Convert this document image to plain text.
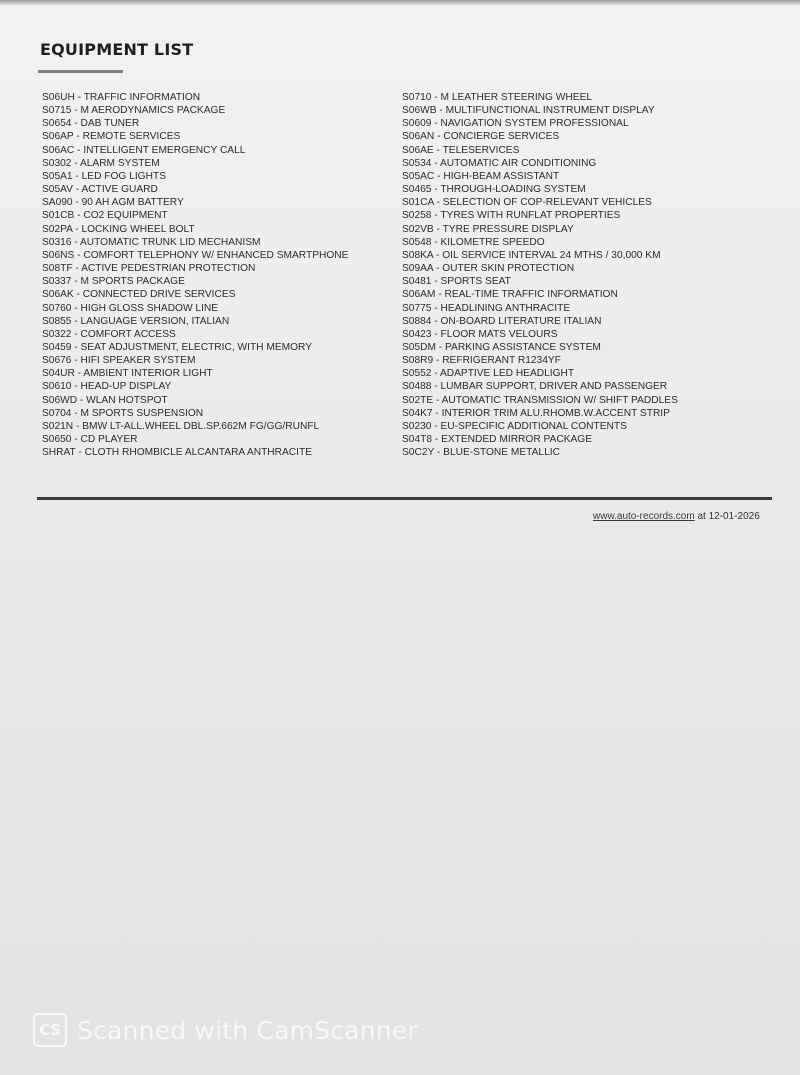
EQUIPMENT LIST
S06UH - TRAFFIC INFORMATION
S0715 - M AERODYNAMICS PACKAGE
S0654 - DAB TUNER
S06AP - REMOTE SERVICES
S06AC - INTELLIGENT EMERGENCY CALL
S0302 - ALARM SYSTEM
S05A1 - LED FOG LIGHTS
S05AV - ACTIVE GUARD
SA090 - 90 AH AGM BATTERY
S01CB - CO2 EQUIPMENT
S02PA - LOCKING WHEEL BOLT
S0316 - AUTOMATIC TRUNK LID MECHANISM
S06NS - COMFORT TELEPHONY W/ ENHANCED SMARTPHONE
S08TF - ACTIVE PEDESTRIAN PROTECTION
S0337 - M SPORTS PACKAGE
S06AK - CONNECTED DRIVE SERVICES
S0760 - HIGH GLOSS SHADOW LINE
S0855 - LANGUAGE VERSION, ITALIAN
S0322 - COMFORT ACCESS
S0459 - SEAT ADJUSTMENT, ELECTRIC, WITH MEMORY
S0676 - HIFI SPEAKER SYSTEM
S04UR - AMBIENT INTERIOR LIGHT
S0610 - HEAD-UP DISPLAY
S06WD - WLAN HOTSPOT
S0704 - M SPORTS SUSPENSION
S021N - BMW LT-ALL.WHEEL DBL.SP.662M FG/GG/RUNFL
S0650 - CD PLAYER
SHRAT - CLOTH RHOMBICLE ALCANTARA ANTHRACITE
S0710 - M LEATHER STEERING WHEEL
S06WB - MULTIFUNCTIONAL INSTRUMENT DISPLAY
S0609 - NAVIGATION SYSTEM PROFESSIONAL
S06AN - CONCIERGE SERVICES
S06AE - TELESERVICES
S0534 - AUTOMATIC AIR CONDITIONING
S05AC - HIGH-BEAM ASSISTANT
S0465 - THROUGH-LOADING SYSTEM
S01CA - SELECTION OF COP-RELEVANT VEHICLES
S0258 - TYRES WITH RUNFLAT PROPERTIES
S02VB - TYRE PRESSURE DISPLAY
S0548 - KILOMETRE SPEEDO
S08KA - OIL SERVICE INTERVAL 24 MTHS / 30,000 KM
S09AA - OUTER SKIN PROTECTION
S0481 - SPORTS SEAT
S06AM - REAL-TIME TRAFFIC INFORMATION
S0775 - HEADLINING ANTHRACITE
S0884 - ON-BOARD LITERATURE ITALIAN
S0423 - FLOOR MATS VELOURS
S05DM - PARKING ASSISTANCE SYSTEM
S08R9 - REFRIGERANT R1234YF
S0552 - ADAPTIVE LED HEADLIGHT
S0488 - LUMBAR SUPPORT, DRIVER AND PASSENGER
S02TE - AUTOMATIC TRANSMISSION W/ SHIFT PADDLES
S04K7 - INTERIOR TRIM ALU.RHOMB.W.ACCENT STRIP
S0230 - EU-SPECIFIC ADDITIONAL CONTENTS
S04T8 - EXTENDED MIRROR PACKAGE
S0C2Y - BLUE-STONE METALLIC
www.auto-records.com at 12-01-2026
CS Scanned with CamScanner
